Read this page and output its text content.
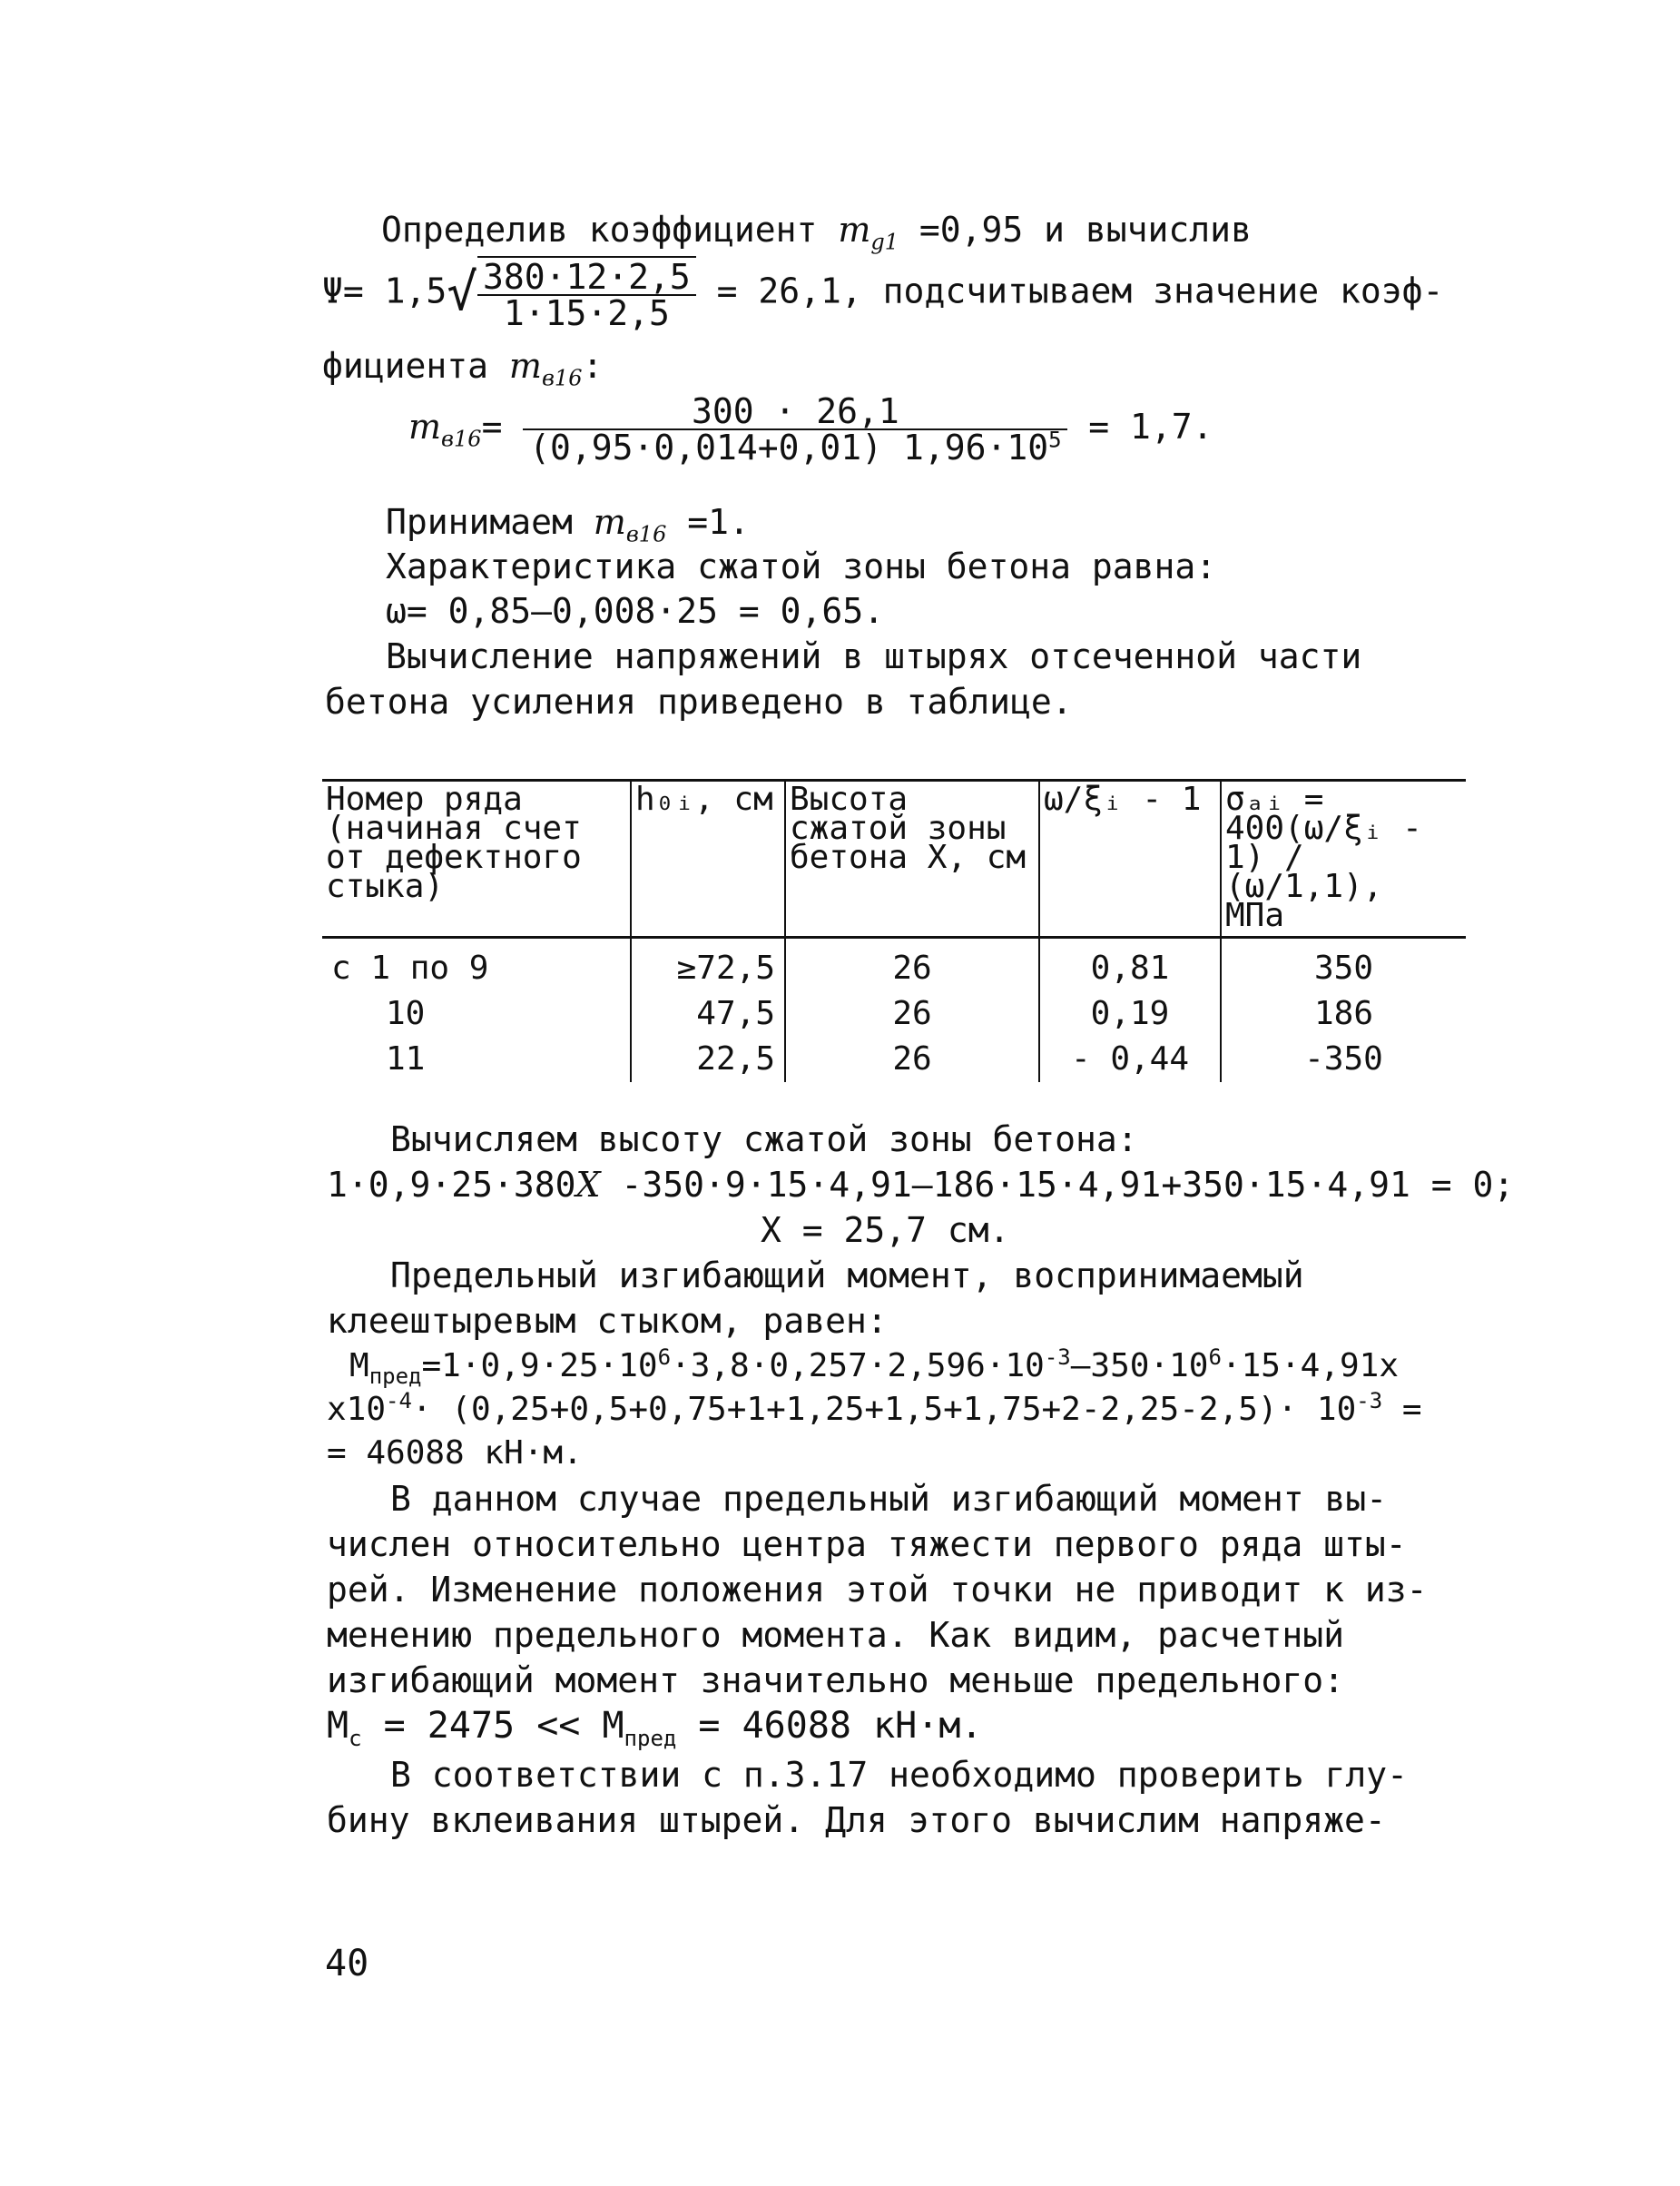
Определив коэффициент $m_{g1} =0,95$ и вычислив
$\Psi= 1,5√ \frac{380\cdot 12\cdot 2,5}{1\cdot 15\cdot 2,5} = 26,1$, подсчитываем значение коэф-
фициента $m_{в16}$:
$m_{в16}= \frac{300 \cdot 26,1}{(0,95\cdot 0,014+0,01) 1,96\cdot 10^5} = 1,7$.
Принимаем $m_{в16} =1$.
Характеристика сжатой зоны бетона равна:
ω= 0,85–0,008·25 = 0,65.
Вычисление напряжений в штырях отсеченной части
бетона усиления приведено в таблице.
Номер ряда (начиная счет от дефектного стыка)	h₀ᵢ, см	Высота сжатой зоны бетона X, см	ω/ξᵢ - 1	σₐᵢ = 400(ω/ξᵢ - 1) / (ω/1,1), МПа
с 1 по 9	≥72,5	26	0,81	350
10	47,5	26	0,19	186
11	22,5	26	- 0,44	-350
Вычисляем высоту сжатой зоны бетона:
1·0,9·25·380X -350·9·15·4,91–186·15·4,91+350·15·4,91 = 0;
X = 25,7 см.
Предельный изгибающий момент, воспринимаемый
клеештыревым стыком, равен:
$M_{пред}=1\cdot 0,9\cdot 25\cdot 10^6\cdot 3,8\cdot 0,257\cdot 2,596\cdot 10^{-3}-350\cdot 10^6\cdot 15\cdot 4,91х$
$х10^{-4}\cdot (0,25+0,5+0,75+1+1,25+1,5+1,75+2-2,25-2,5)\cdot 10^{-3}$ =
= 46088 кН·м.
В данном случае предельный изгибающий момент вы-
числен относительно центра тяжести первого ряда шты-
рей. Изменение положения этой точки не приводит к из-
менению предельного момента. Как видим, расчетный
изгибающий момент значительно меньше предельного:
$M_c = 2475 << M_{пред} = 46088$ кН·м.
В соответствии с п.3.17 необходимо проверить глу-
бину вклеивания штырей. Для этого вычислим напряже-
40
